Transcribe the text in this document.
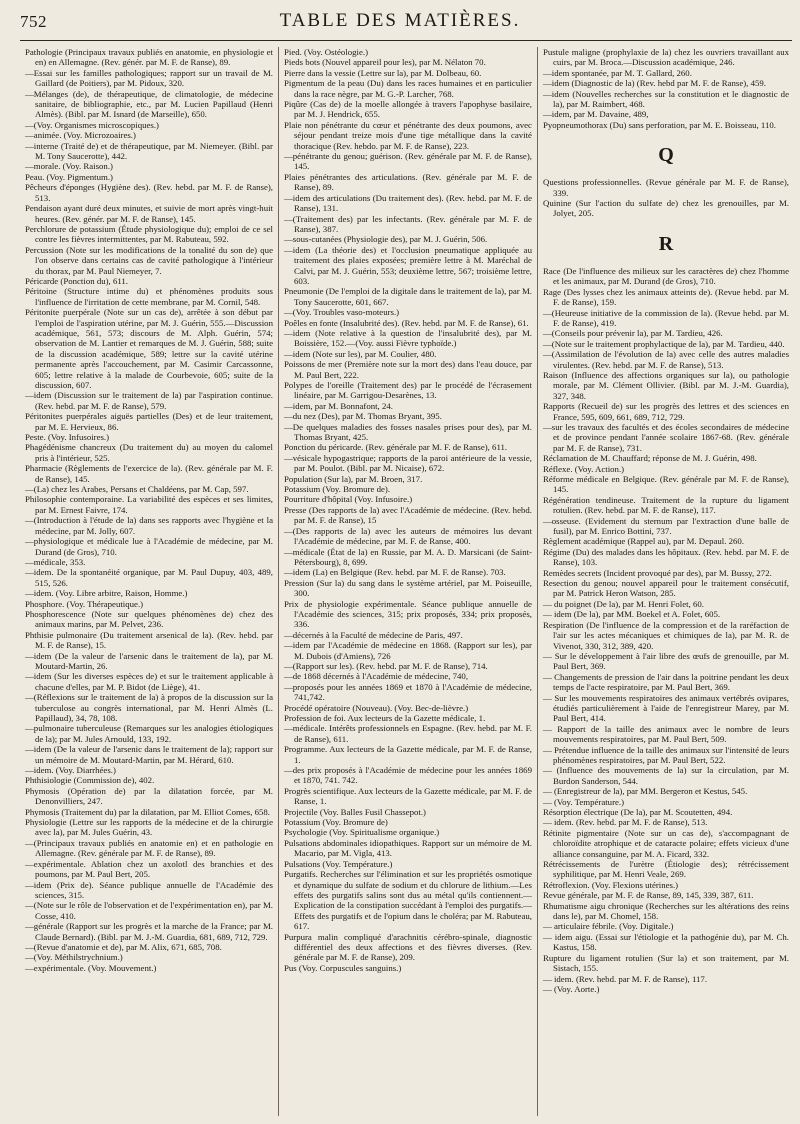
752	TABLE DES MATIÈRES.

Pathologie (Principaux travaux publiés en anatomie, en physiologie et en) en Allemagne. (Rev. génér. par M. F. de Ranse), 89.

—Essai sur les familles pathologiques; rapport sur un travail de M. Gaillard (de Poitiers), par M. Pidoux, 320.

—Mélanges (de), de thérapeutique, de climatologie, de médecine sanitaire, de bibliographie, etc., par M. Lucien Papillaud (Henri Almès). (Bibl. par M. Isnard (de Marseille), 650.

—(Voy. Organismes microscopiques.)

—animée. (Voy. Microzoaires.)

—interne (Traité de) et de thérapeutique, par M. Niemeyer. (Bibl. par M. Tony Saucerotte), 442.

—morale. (Voy. Raison.)

Peau. (Voy. Pigmentum.)

Pêcheurs d'éponges (Hygiène des). (Rev. hebd. par M. F. de Ranse), 513.

Pendaison ayant duré deux minutes, et suivie de mort après vingt-huit heures. (Rev. génér. par M. F. de Ranse), 145.

Perchlorure de potassium (Étude physiologique du); emploi de ce sel contre les fièvres intermittentes, par M. Rabuteau, 592.

Percussion (Note sur les modifications de la tonalité du son de) que l'on observe dans certains cas de cavité pathologique à l'intérieur du thorax, par M. Paul Niemeyer, 7.

Péricarde (Ponction du), 611.

Péritoine (Structure intime du) et phénomènes produits sous l'influence de l'irritation de cette membrane, par M. Cornil, 548.

Péritonite puerpérale (Note sur un cas de), arrêtée à son début par l'emploi de l'aspiration utérine, par M. J. Guérin, 555.—Discussion académique, 561, 573; discours de M. Alph. Guérin, 574; observation de M. Lantier et remarques de M. J. Guérin, 588; suite de la discussion académique, 589; lettre sur la cavité utérine permanente après l'accouchement, par M. Casimir Carcassonne, 605; lettre relative à la malade de Courbevoie, 605; suite de la discussion, 607.

—idem (Discussion sur le traitement de la) par l'aspiration continue. (Rev. hebd. par M. F. de Ranse), 579.

Péritonites puerpérales aiguës partielles (Des) et de leur traitement, par M. E. Hervieux, 86.

Peste. (Voy. Infusoires.)

Phagédénisme chancreux (Du traitement du) au moyen du calomel pris à l'intérieur, 525.

Pharmacie (Règlements de l'exercice de la). (Rev. générale par M. F. de Ranse), 145.

—(La) chez les Arabes, Persans et Chaldéens, par M. Cap, 597.

Philosophie contemporaine. La variabilité des espèces et ses limites, par M. Ernest Faivre, 174.

—(Introduction à l'étude de la) dans ses rapports avec l'hygiène et la médecine, par M. Jolly, 607.

—physiologique et médicale lue à l'Académie de médecine, par M. Durand (de Gros), 710.

—médicale, 353.

—idem. De la spontanéité organique, par M. Paul Dupuy, 403, 489, 515, 526.

—idem. (Voy. Libre arbitre, Raison, Homme.)

Phosphore. (Voy. Thérapeutique.)

Phosphorescence (Note sur quelques phénomènes de) chez des animaux marins, par M. Pelvet, 236.

Phthisie pulmonaire (Du traitement arsenical de la). (Rev. hebd. par M. F. de Ranse), 15.

—idem (De la valeur de l'arsenic dans le traitement de la), par M. Moutard-Martin, 26.

—idem (Sur les diverses espèces de) et sur le traitement applicable à chacune d'elles, par M. P. Bidot (de Liège), 41.

—(Réflexions sur le traitement de la) à propos de la discussion sur la tuberculose au congrès international, par M. Henri Almès (L. Papillaud), 34, 78, 108.

—pulmonaire tuberculeuse (Remarques sur les analogies étiologiques de la); par M. Jules Arnould, 133, 192.

—idem (De la valeur de l'arsenic dans le traitement de la); rapport sur un mémoire de M. Moutard-Martin, par M. Hérard, 610.

—idem. (Voy. Diarrhées.)

Phthisiologie (Commission de), 402.

Phymosis (Opération de) par la dilatation forcée, par M. Denonvilliers, 247.

Phymosis (Traitement du) par la dilatation, par M. Elliot Comes, 658.

Physiologie (Lettre sur les rapports de la médecine et de la chirurgie avec la), par M. Jules Guérin, 43.

—(Principaux travaux publiés en anatomie en) et en pathologie en Allemagne. (Rev. générale par M. F. de Ranse), 89.

—expérimentale. Ablation chez un axolotl des branchies et des poumons, par M. Paul Bert, 205.

—idem (Prix de). Séance publique annuelle de l'Académie des sciences, 315.

—(Note sur le rôle de l'observation et de l'expérimentation en), par M. Cosse, 410.

—générale (Rapport sur les progrès et la marche de la France; par M. Claude Bernard). (Bibl. par M. J.-M. Guardia, 681, 689, 712, 729.

—(Revue d'anatomie et de), par M. Alix, 671, 685, 708.

—(Voy. Méthilstrychnium.)

—expérimentale. (Voy. Mouvement.)

Pied. (Voy. Ostéologie.)

Pieds bots (Nouvel appareil pour les), par M. Nélaton 70.

Pierre dans la vessie (Lettre sur la), par M. Dolbeau, 60.

Pigmentum de la peau (Du) dans les races humaines et en particulier dans la race nègre, par M. G.-P. Larcher, 768.

Piqûre (Cas de) de la moelle allongée à travers l'apophyse basilaire, par M. J. Hendrick, 655.

Plaie non pénétrante du cœur et pénétrante des deux poumons, avec séjour pendant treize mois d'une tige métallique dans la cavité thoracique (Rev. hebdo. par M. F. de Ranse), 223.

—pénétrante du genou; guérison. (Rev. générale par M. F. de Ranse), 145.

Plaies pénétrantes des articulations. (Rev. générale par M. F. de Ranse), 89.

—idem des articulations (Du traitement des). (Rev. hebd. par M. F. de Ranse), 131.

—(Traitement des) par les infectants. (Rev. générale par M. F. de Ranse), 387.

—sous-cutanées (Physiologie des), par M. J. Guérin, 506.

—idem (La théorie des) et l'occlusion pneumatique appliquée au traitement des plaies exposées; première lettre à M. Maréchal de Calvi, par M. J. Guérin, 553; deuxième lettre, 567; troisième lettre, 603.

Pneumonie (De l'emploi de la digitale dans le traitement de la), par M. Tony Saucerotte, 601, 667.

—(Voy. Troubles vaso-moteurs.)

Poêles en fonte (Insalubrité des). (Rev. hebd. par M. F. de Ranse), 61.

—idem (Note relative à la question de l'insalubrité des), par M. Boissière, 152.—(Voy. aussi Fièvre typhoïde.)

—idem (Note sur les), par M. Coulier, 480.

Poissons de mer (Première note sur la mort des) dans l'eau douce, par M. Paul Bert, 222.

Polypes de l'oreille (Traitement des) par le procédé de l'écrasement linéaire, par M. Garrigou-Desarènes, 13.

—idem, par M. Bonnafont, 24.

—du nez (Des), par M. Thomas Bryant, 395.

—De quelques maladies des fosses nasales prises pour des), par M. Thomas Bryant, 425.

Ponction du péricarde. (Rev. générale par M. F. de Ranse), 611.

—vésicale hypogastrique; rapports de la paroi antérieure de la vessie, par M. Poulot. (Bibl. par M. Nicaise), 672.

Population (Sur la), par M. Broen, 317.

Potassium (Voy. Bromure de).

Pourriture d'hôpital (Voy. Infusoire.)

Presse (Des rapports de la) avec l'Académie de médecine. (Rev. hebd. par M. F. de Ranse), 15

—(Des rapports de la) avec les auteurs de mémoires lus devant l'Académie de médecine, par M. F. de Ranse, 400.

—médicale (État de la) en Russie, par M. A. D. Marsicani (de Saint-Pétersbourg), 8, 699.

—idem (La) en Belgique (Rev. hebd. par M. F. de Ranse). 703.

Pression (Sur la) du sang dans le système artériel, par M. Poiseuille, 300.

Prix de physiologie expérimentale. Séance publique annuelle de l'Académie des sciences, 315; prix proposés, 334; prix proposés, 336.

—décernés à la Faculté de médecine de Paris, 497.

—idem par l'Académie de médecine en 1868. (Rapport sur les), par M. Dubois (d'Amiens), 726

—(Rapport sur les). (Rev. hebd. par M. F. de Ranse), 714.

—de 1868 décernés à l'Académie de médecine, 740,

—proposés pour les années 1869 et 1870 à l'Académie de médecine, 741,742.

Procédé opératoire (Nouveau). (Voy. Bec-de-lièvre.)

Profession de foi. Aux lecteurs de la Gazette médicale, 1.

—médicale. Intérêts professionnels en Espagne. (Rev. hebd. par M. F. de Ranse), 611.

Programme. Aux lecteurs de la Gazette médicale, par M. F. de Ranse, 1.

—des prix proposés à l'Académie de médecine pour les années 1869 et 1870, 741. 742.

Progrès scientifique. Aux lecteurs de la Gazette médicale, par M. F. de Ranse, 1.

Projectile (Voy. Balles Fusil Chassepot.)

Potassium (Voy. Bromure de)

Psychologie (Voy. Spiritualisme organique.)

Pulsations abdominales idiopathiques. Rapport sur un mémoire de M. Macario, par M. Vigla, 413.

Pulsations (Voy. Température.)

Purgatifs. Recherches sur l'élimination et sur les propriétés osmotique et dynamique du sulfate de sodium et du chlorure de lithium.—Les effets des purgatifs salins sont dus au métal qu'ils contiennent.—Explication de la constipation succédant à l'emploi des purgatifs.—Effets des purgatifs et de l'opium dans le choléra; par M. Rabuteau, 617.

Purpura malin compliqué d'arachnitis cérébro-spinale, diagnostic différentiel des deux affections et des fièvres diverses. (Rev. générale par M. F. de Ranse), 209.

Pus (Voy. Corpuscules sanguins.)

Pustule maligne (prophylaxie de la) chez les ouvriers travaillant aux cuirs, par M. Broca.—Discussion académique, 246.

—idem spontanée, par M. T. Gallard, 260.

—idem (Diagnostic de la) (Rev. hebd par M. F. de Ranse), 459.

—idem (Nouvelles recherches sur la constitution et le diagnostic de la), par M. Raimbert, 468.

—idem, par M. Davaine, 489,

Pyopneumothorax (Du) sans perforation, par M. E. Boisseau, 110.

Q

Questions professionnelles. (Revue générale par M. F. de Ranse), 339.

Quinine (Sur l'action du sulfate de) chez les grenouilles, par M. Jolyet, 205.

R

Race (De l'influence des milieux sur les caractères de) chez l'homme et les animaux, par M. Durand (de Gros), 710.

Rage (Des lysses chez les animaux atteints de). (Revue hebd. par M. F. de Ranse), 159.

—(Heureuse initiative de la commission de la). (Revue hebd. par M. F. de Ranse), 419.

—(Conseils pour prévenir la), par M. Tardieu, 426.

—(Note sur le traitement prophylactique de la), par M. Tardieu, 440.

—(Assimilation de l'évolution de la) avec celle des autres maladies virulentes. (Rev. hebd. par M. F. de Ranse), 513.

Raison (Influence des affections organiques sur la), ou pathologie morale, par M. Clément Ollivier. (Bibl. par M. J.-M. Guardia), 327, 348.

Rapports (Recueil de) sur les progrès des lettres et des sciences en France, 595, 609, 661, 689, 712, 729.

—sur les travaux des facultés et des écoles secondaires de médecine et de province pendant l'année scolaire 1867-68. (Rev. générale par M. F. de Ranse), 731.

Réclamation de M. Chauffard; réponse de M. J. Guérin, 498.

Réflexe. (Voy. Action.)

Réforme médicale en Belgique. (Rev. générale par M. F. de Ranse), 145.

Régénération tendineuse. Traitement de la rupture du ligament rotulien. (Rev. hebd. par M. F. de Ranse), 117.

—osseuse. (Evidement du sternum par l'extraction d'une balle de fusil), par M. Enrico Bottini, 737.

Règlement académique (Rappel au), par M. Depaul. 260.

Régime (Du) des malades dans les hôpitaux. (Rev. hebd. par M. F. de Ranse), 103.

Remèdes secrets (Incident provoqué par des), par M. Bussy, 272.

Resection du genou; nouvel appareil pour le traitement consécutif, par M. Patrick Heron Watson, 285.

— du poignet (De la), par M. Henri Folet, 60.

— idem (De la), par MM. Boekel et A. Folet, 605.

Respiration (De l'influence de la compression et de la raréfaction de l'air sur les actes mécaniques et chimiques de la), par M. R. de Vivenot, 330, 312, 389, 420.

— Sur le développement à l'air libre des œufs de grenouille, par M. Paul Bert, 369.

— Changements de pression de l'air dans la poitrine pendant les deux temps de l'acte respiratoire, par M. Paul Bert, 369.

— Sur les mouvements respiratoires des animaux vertébrés ovipares, étudiés particulièrement à l'aide de l'enregistreur Marey, par M. Paul Bert, 414.

— Rapport de la taille des animaux avec le nombre de leurs mouvements respiratoires, par M. Paul Bert, 509.

— Prétendue influence de la taille des animaux sur l'intensité de leurs phénomènes respiratoires, par M. Paul Bert, 522.

— (Influence des mouvements de la) sur la circulation, par M. Burdon Sanderson, 544.

— (Enregistreur de la), par MM. Bergeron et Kestus, 545.

— (Voy. Température.)

Résorption électrique (De la), par M. Scoutetten, 494.

— idem. (Rev. hebd. par M. F. de Ranse), 513.

Rétinite pigmentaire (Note sur un cas de), s'accompagnant de chloroïdite atrophique et de cataracte polaire; effets vicieux d'une alliance consanguine, par M. A. Ficard, 332.

Rétrécissements de l'urètre (Étiologie des); rétrécissement syphilitique, par M. Henri Veale, 269.

Rétroflexion. (Voy. Flexions utérines.)

Revue générale, par M. F. de Ranse, 89, 145, 339, 387, 611.

Rhumatisme aigu chronique (Recherches sur les altérations des reins dans le), par M. Chomel, 158.

— articulaire fébrile. (Voy. Digitale.)

— idem aigu. (Essai sur l'étiologie et la pathogénie du), par M. Ch. Kastus, 158.

Rupture du ligament rotulien (Sur la) et son traitement, par M. Sistach, 155.

— idem. (Rev. hebd. par M. F. de Ranse), 117.

— (Voy. Aorte.)
